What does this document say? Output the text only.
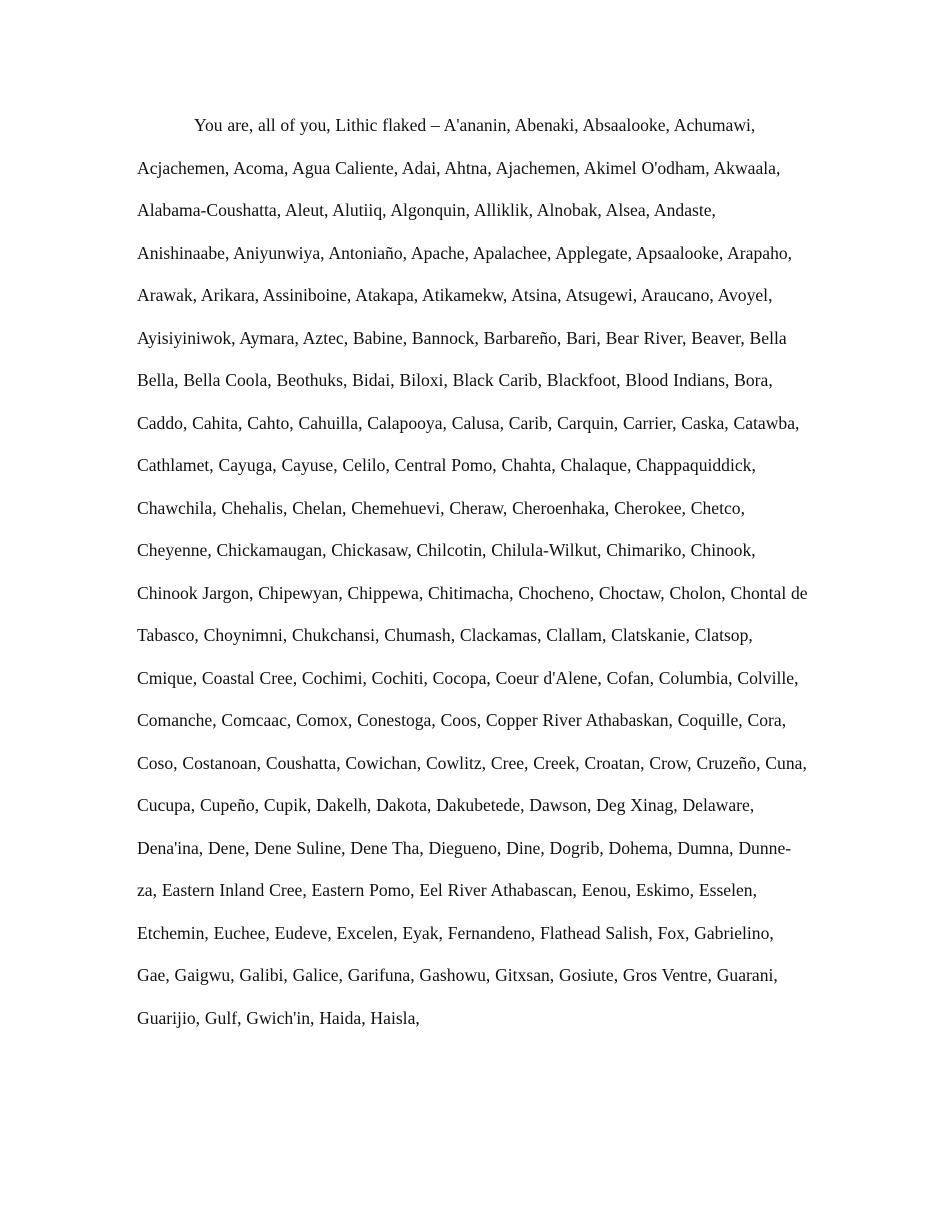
You are, all of you, Lithic flaked – A'ananin, Abenaki, Absaalooke, Achumawi, Acjachemen, Acoma, Agua Caliente, Adai, Ahtna, Ajachemen, Akimel O'odham, Akwaala, Alabama-Coushatta, Aleut, Alutiiq, Algonquin, Alliklik, Alnobak, Alsea, Andaste, Anishinaabe, Aniyunwiya, Antoniaño, Apache, Apalachee, Applegate, Apsaalooke, Arapaho, Arawak, Arikara, Assiniboine, Atakapa, Atikamekw, Atsina, Atsugewi, Araucano, Avoyel, Ayisiyiniwok, Aymara, Aztec, Babine, Bannock, Barbareño, Bari, Bear River, Beaver, Bella Bella, Bella Coola, Beothuks, Bidai, Biloxi, Black Carib, Blackfoot, Blood Indians, Bora, Caddo, Cahita, Cahto, Cahuilla, Calapooya, Calusa, Carib, Carquin, Carrier, Caska, Catawba, Cathlamet, Cayuga, Cayuse, Celilo, Central Pomo, Chahta, Chalaque, Chappaquiddick, Chawchila, Chehalis, Chelan, Chemehuevi, Cheraw, Cheroenhaka, Cherokee, Chetco, Cheyenne, Chickamaugan, Chickasaw, Chilcotin, Chilula-Wilkut, Chimariko, Chinook, Chinook Jargon, Chipewyan, Chippewa, Chitimacha, Chocheno, Choctaw, Cholon, Chontal de Tabasco, Choynimni, Chukchansi, Chumash, Clackamas, Clallam, Clatskanie, Clatsop, Cmique, Coastal Cree, Cochimi, Cochiti, Cocopa, Coeur d'Alene, Cofan, Columbia, Colville, Comanche, Comcaac, Comox, Conestoga, Coos, Copper River Athabaskan, Coquille, Cora, Coso, Costanoan, Coushatta, Cowichan, Cowlitz, Cree, Creek, Croatan, Crow, Cruzeño, Cuna, Cucupa, Cupeño, Cupik, Dakelh, Dakota, Dakubetede, Dawson, Deg Xinag, Delaware, Dena'ina, Dene, Dene Suline, Dene Tha, Diegueno, Dine, Dogrib, Dohema, Dumna, Dunne-za, Eastern Inland Cree, Eastern Pomo, Eel River Athabascan, Eenou, Eskimo, Esselen, Etchemin, Euchee, Eudeve, Excelen, Eyak, Fernandeno, Flathead Salish, Fox, Gabrielino, Gae, Gaigwu, Galibi, Galice, Garifuna, Gashowu, Gitxsan, Gosiute, Gros Ventre, Guarani, Guarijio, Gulf, Gwich'in, Haida, Haisla,
